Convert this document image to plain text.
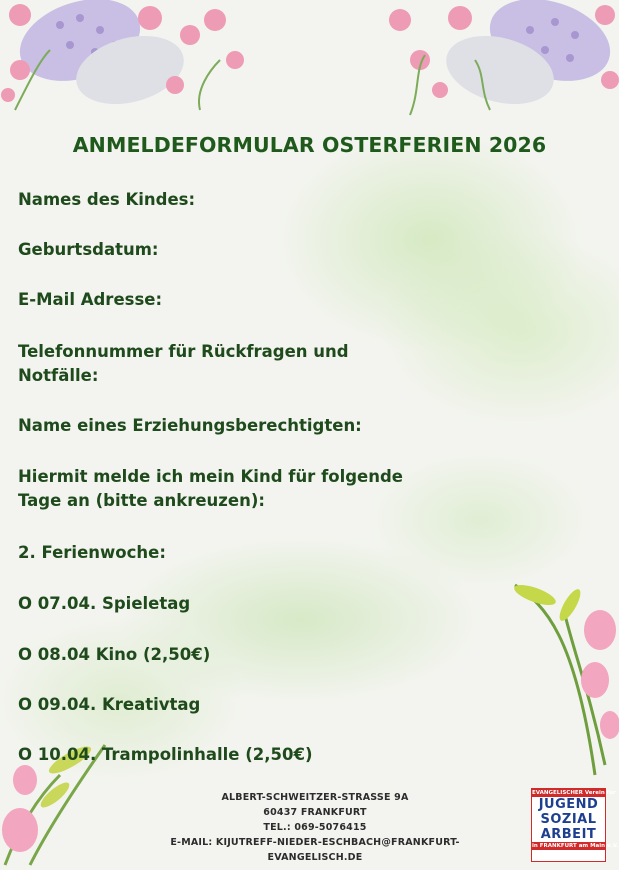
ANMELDEFORMULAR OSTERFERIEN 2026

Names des Kindes:

Geburtsdatum:

E-Mail Adresse:

Telefonnummer für Rückfragen und

Notfälle:

Name eines Erziehungsberechtigten:

Hiermit melde ich mein Kind für folgende

Tage an (bitte ankreuzen):

2. Ferienwoche:

O 07.04. Spieletag

O 08.04 Kino (2,50€)

O 09.04. Kreativtag

O 10.04. Trampolinhalle (2,50€)

ALBERT-SCHWEITZER-STRASSE 9A
60437 FRANKFURT
TEL.: 069-5076415
E-MAIL: KIJUTREFF-NIEDER-ESCHBACH@FRANKFURT-
EVANGELISCH.DE
EVANGELISCHER Verein für
JUGEND
SOZIAL
ARBEIT
in FRANKFURT am Main e.V.
